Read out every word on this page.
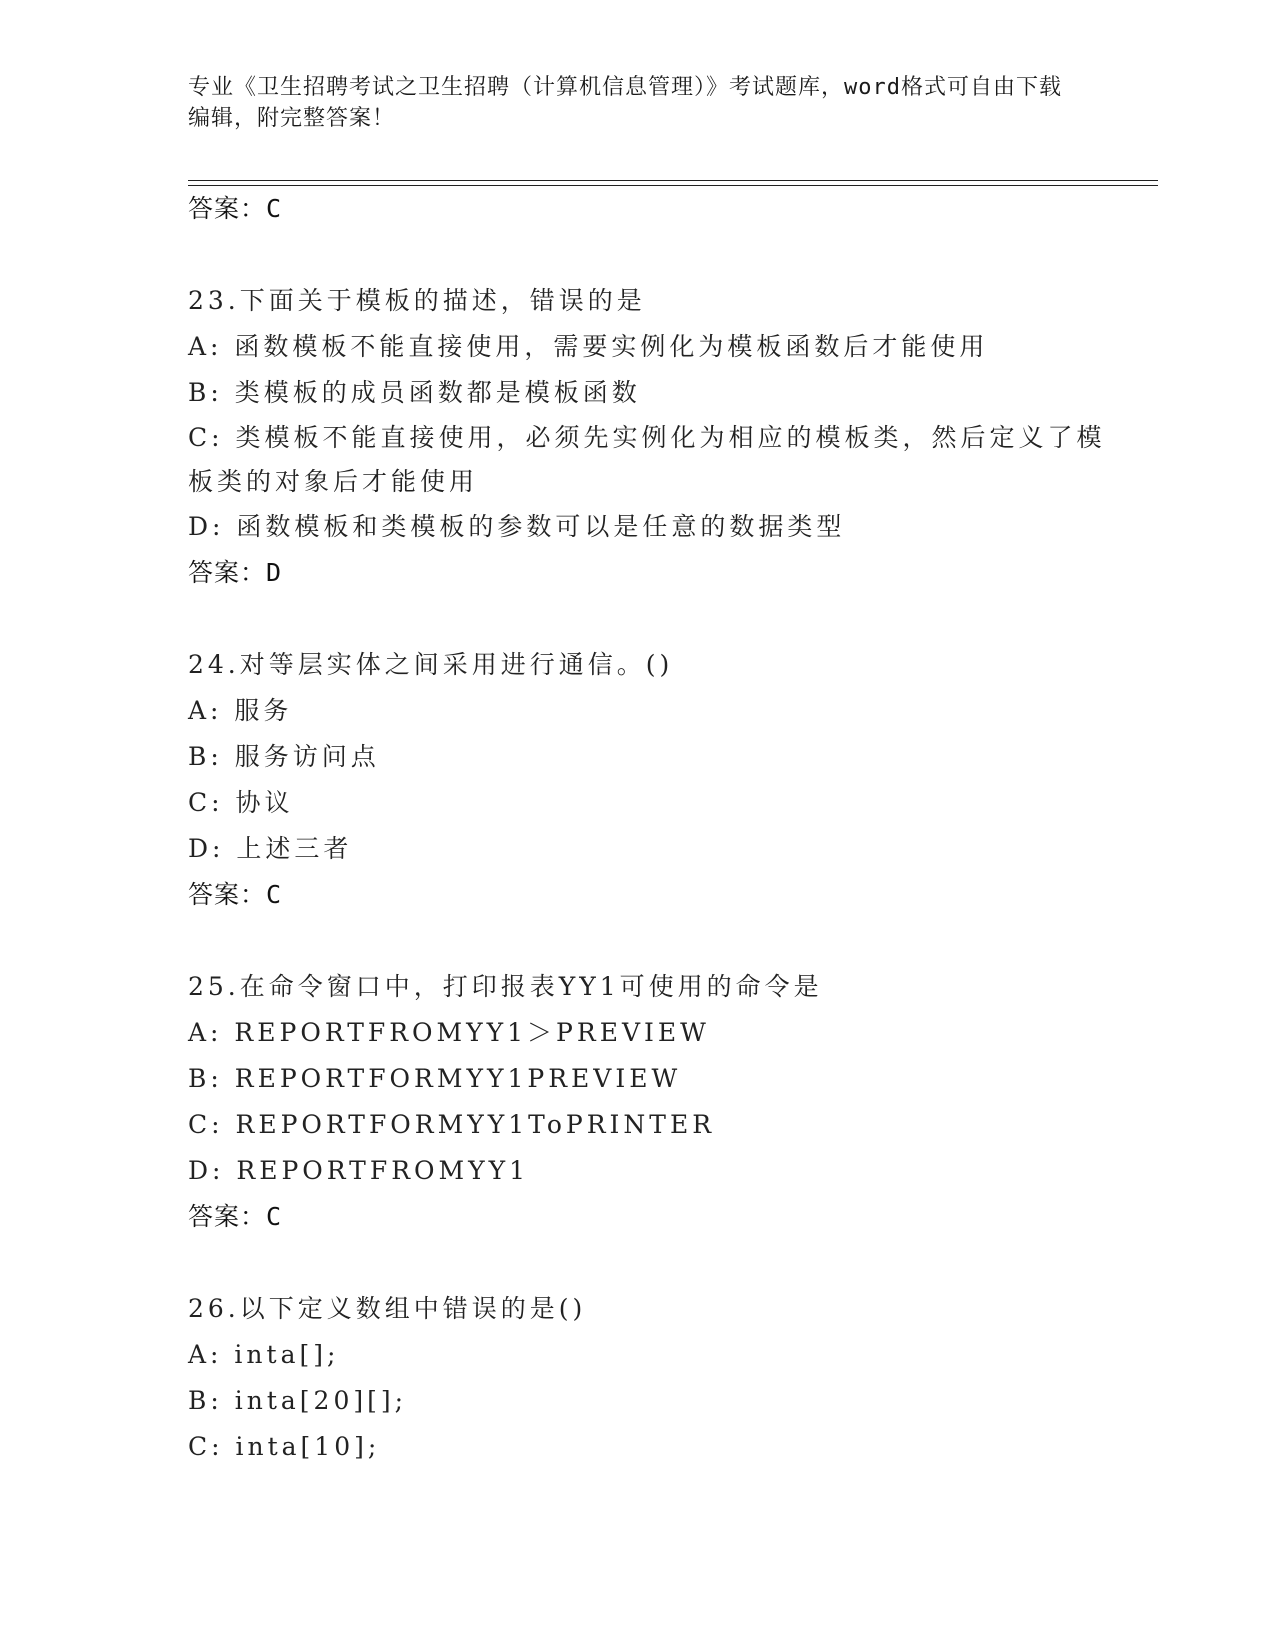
专业《卫生招聘考试之卫生招聘（计算机信息管理）》考试题库，word格式可自由下载编辑，附完整答案！
答案：C
23.下面关于模板的描述，错误的是
A: 函数模板不能直接使用，需要实例化为模板函数后才能使用
B: 类模板的成员函数都是模板函数
C: 类模板不能直接使用，必须先实例化为相应的模板类，然后定义了模板类的对象后才能使用
D: 函数模板和类模板的参数可以是任意的数据类型
答案：D
24.对等层实体之间采用进行通信。()
A: 服务
B: 服务访问点
C: 协议
D: 上述三者
答案：C
25.在命令窗口中，打印报表YY1可使用的命令是
A: REPORTFROMYY1＞PREVIEW
B: REPORTFORMYY1PREVIEW
C: REPORTFORMYY1ToPRINTER
D: REPORTFROMYY1
答案：C
26.以下定义数组中错误的是()
A: inta[];
B: inta[20][];
C: inta[10];
